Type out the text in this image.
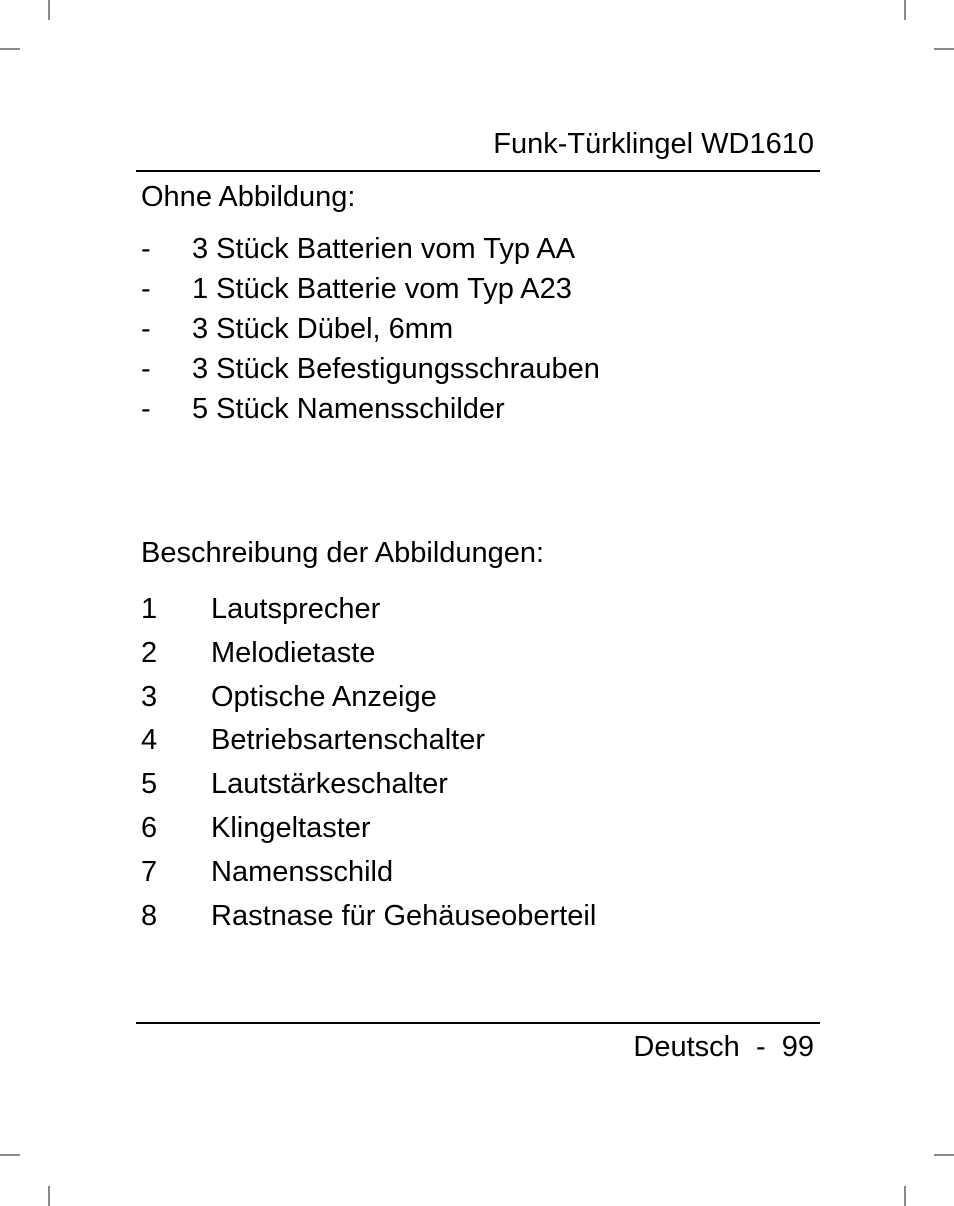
Funk-Türklingel WD1610
Ohne Abbildung:
-	3 Stück Batterien vom Typ AA
-	1 Stück Batterie vom Typ A23
-	3 Stück Dübel, 6mm
-	3 Stück Befestigungsschrauben
-	5 Stück Namensschilder
Beschreibung der Abbildungen:
1	Lautsprecher
2	Melodietaste
3	Optische Anzeige
4	Betriebsartenschalter
5	Lautstärkeschalter
6	Klingeltaster
7	Namensschild
8	Rastnase für Gehäuseoberteil
Deutsch - 99
